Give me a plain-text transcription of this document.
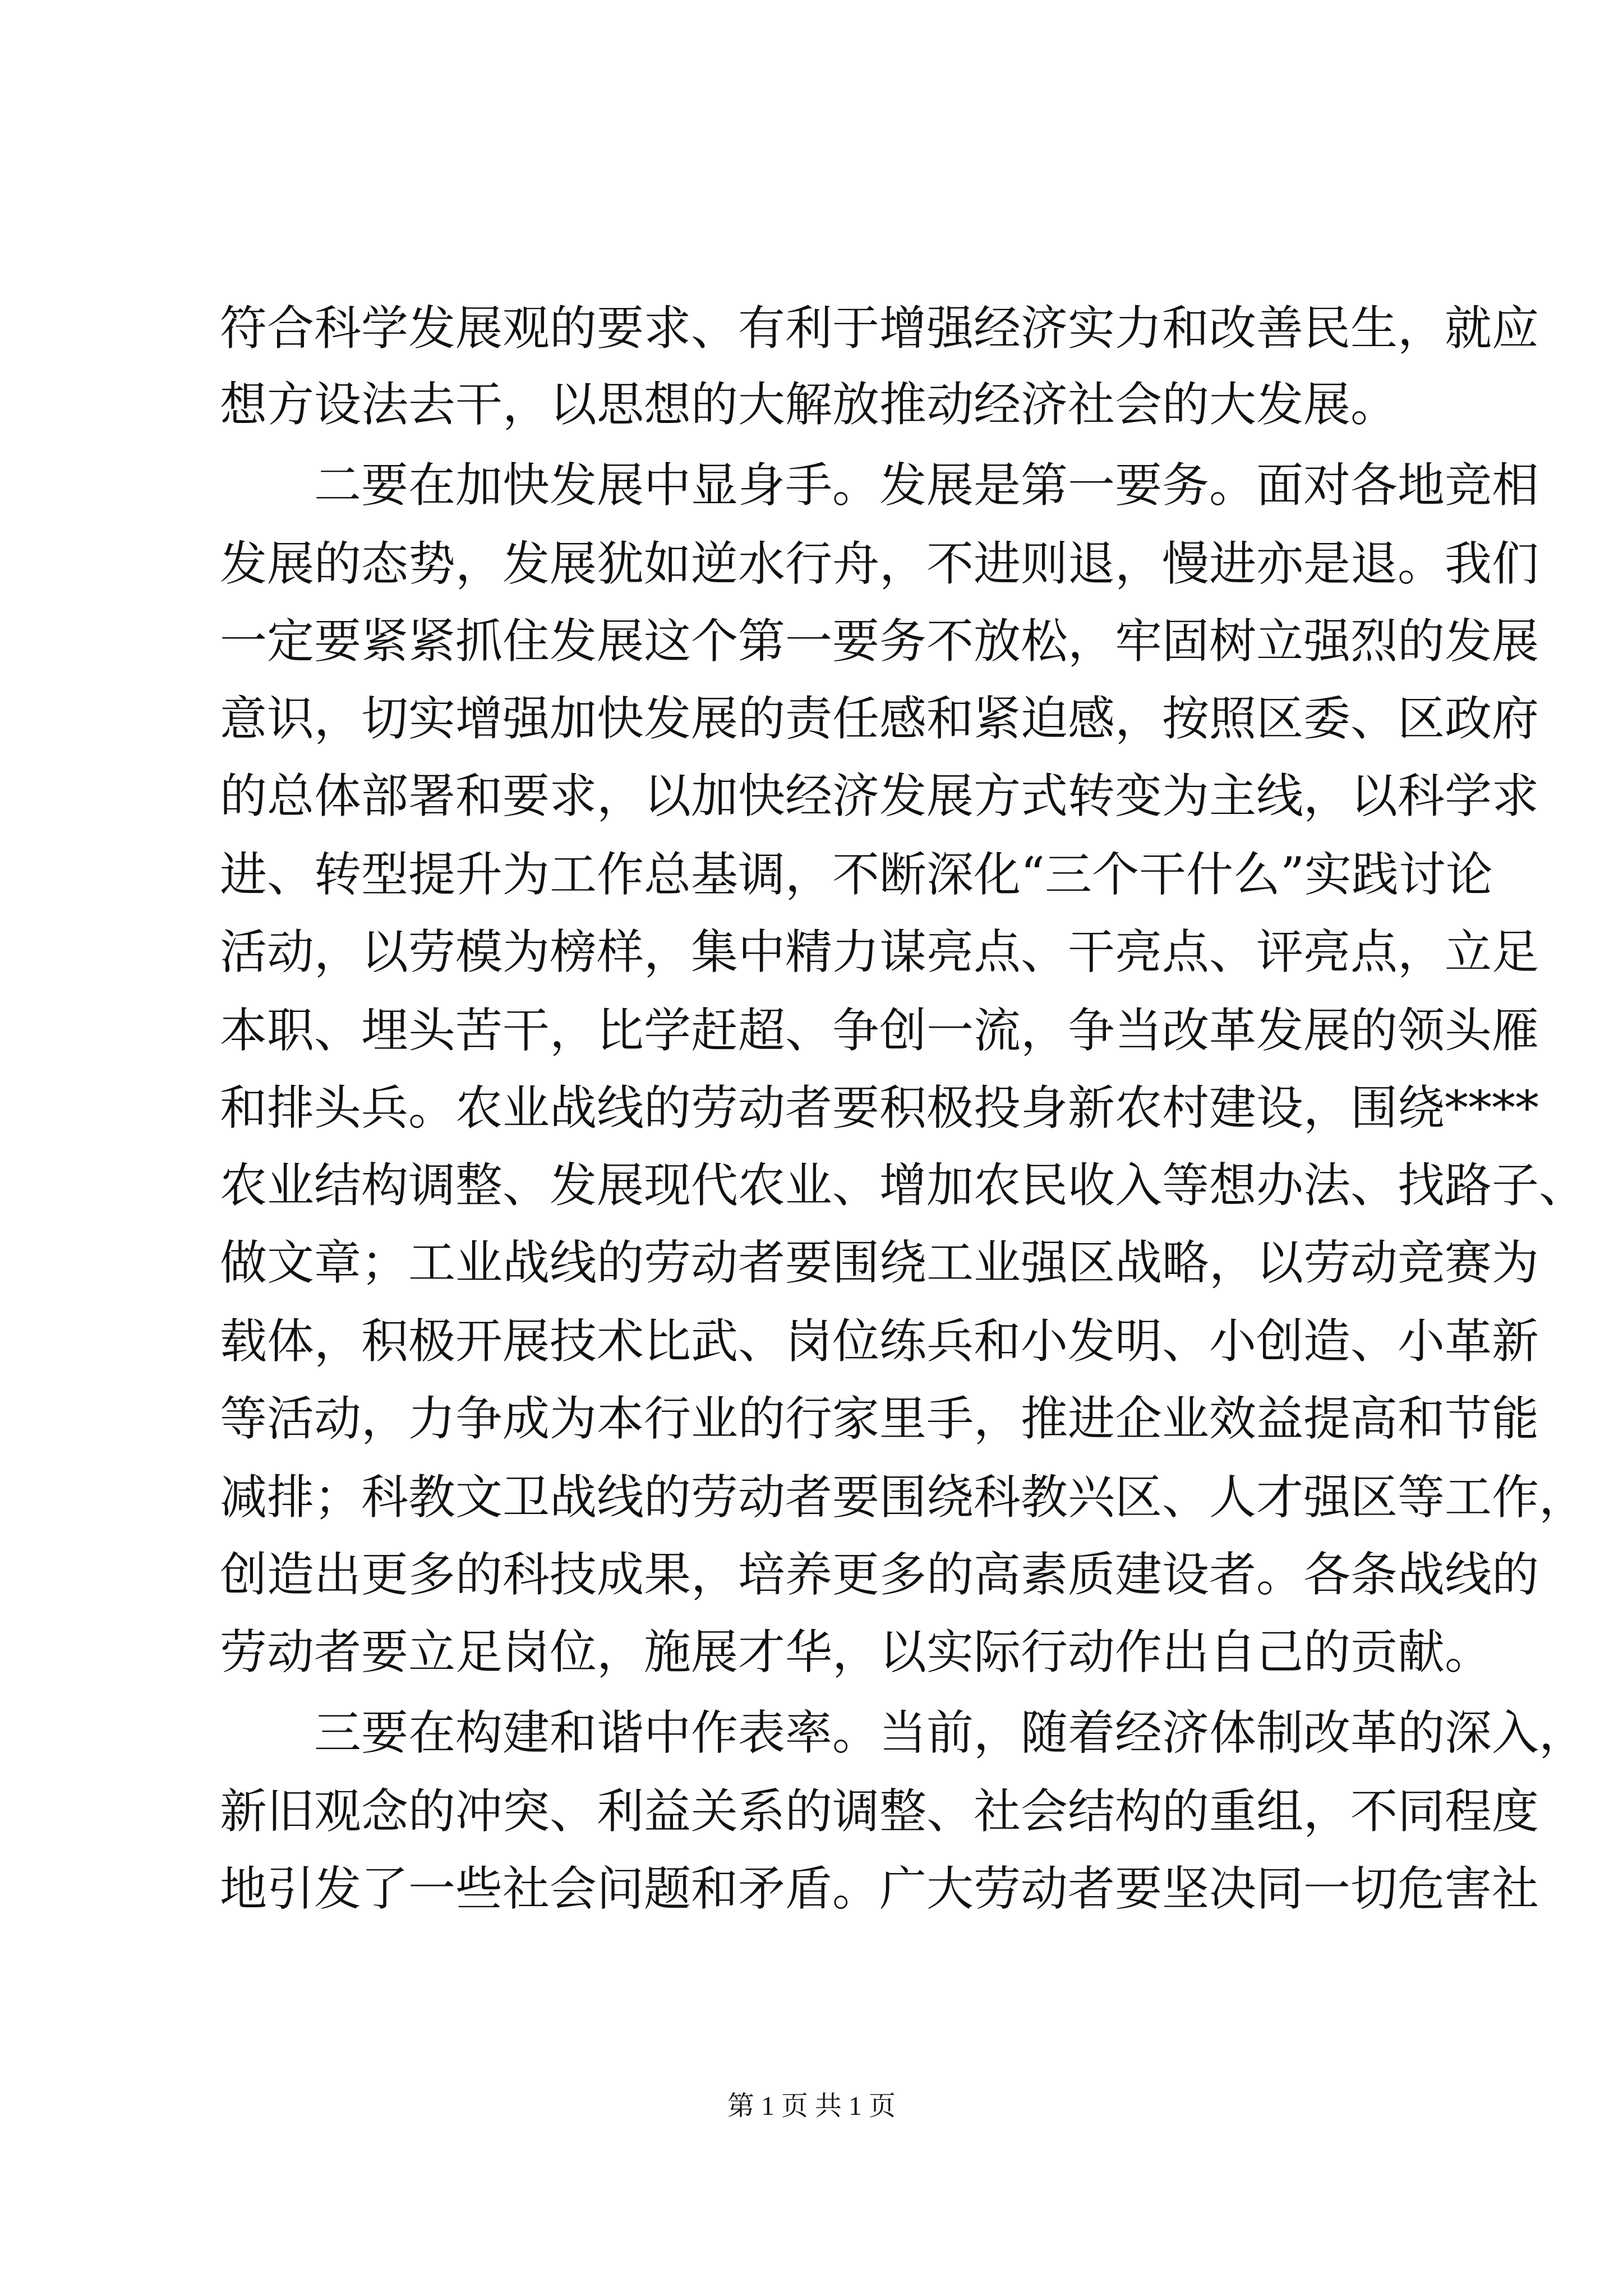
符合科学发展观的要求、有利于增强经济实力和改善民生，就应
想方设法去干，以思想的大解放推动经济社会的大发展。
二要在加快发展中显身手。发展是第一要务。面对各地竞相
发展的态势，发展犹如逆水行舟，不进则退，慢进亦是退。我们
一定要紧紧抓住发展这个第一要务不放松，牢固树立强烈的发展
意识，切实增强加快发展的责任感和紧迫感，按照区委、区政府
的总体部署和要求，以加快经济发展方式转变为主线，以科学求
进、转型提升为工作总基调，不断深化“三个干什么”实践讨论
活动，以劳模为榜样，集中精力谋亮点、干亮点、评亮点，立足
本职、埋头苦干，比学赶超、争创一流，争当改革发展的领头雁
和排头兵。农业战线的劳动者要积极投身新农村建设，围绕****
农业结构调整、发展现代农业、增加农民收入等想办法、找路子、
做文章；工业战线的劳动者要围绕工业强区战略，以劳动竞赛为
载体，积极开展技术比武、岗位练兵和小发明、小创造、小革新
等活动，力争成为本行业的行家里手，推进企业效益提高和节能
减排；科教文卫战线的劳动者要围绕科教兴区、人才强区等工作，
创造出更多的科技成果，培养更多的高素质建设者。各条战线的
劳动者要立足岗位，施展才华，以实际行动作出自己的贡献。
三要在构建和谐中作表率。当前，随着经济体制改革的深入，
新旧观念的冲突、利益关系的调整、社会结构的重组，不同程度
地引发了一些社会问题和矛盾。广大劳动者要坚决同一切危害社
第 1 页 共 1 页
